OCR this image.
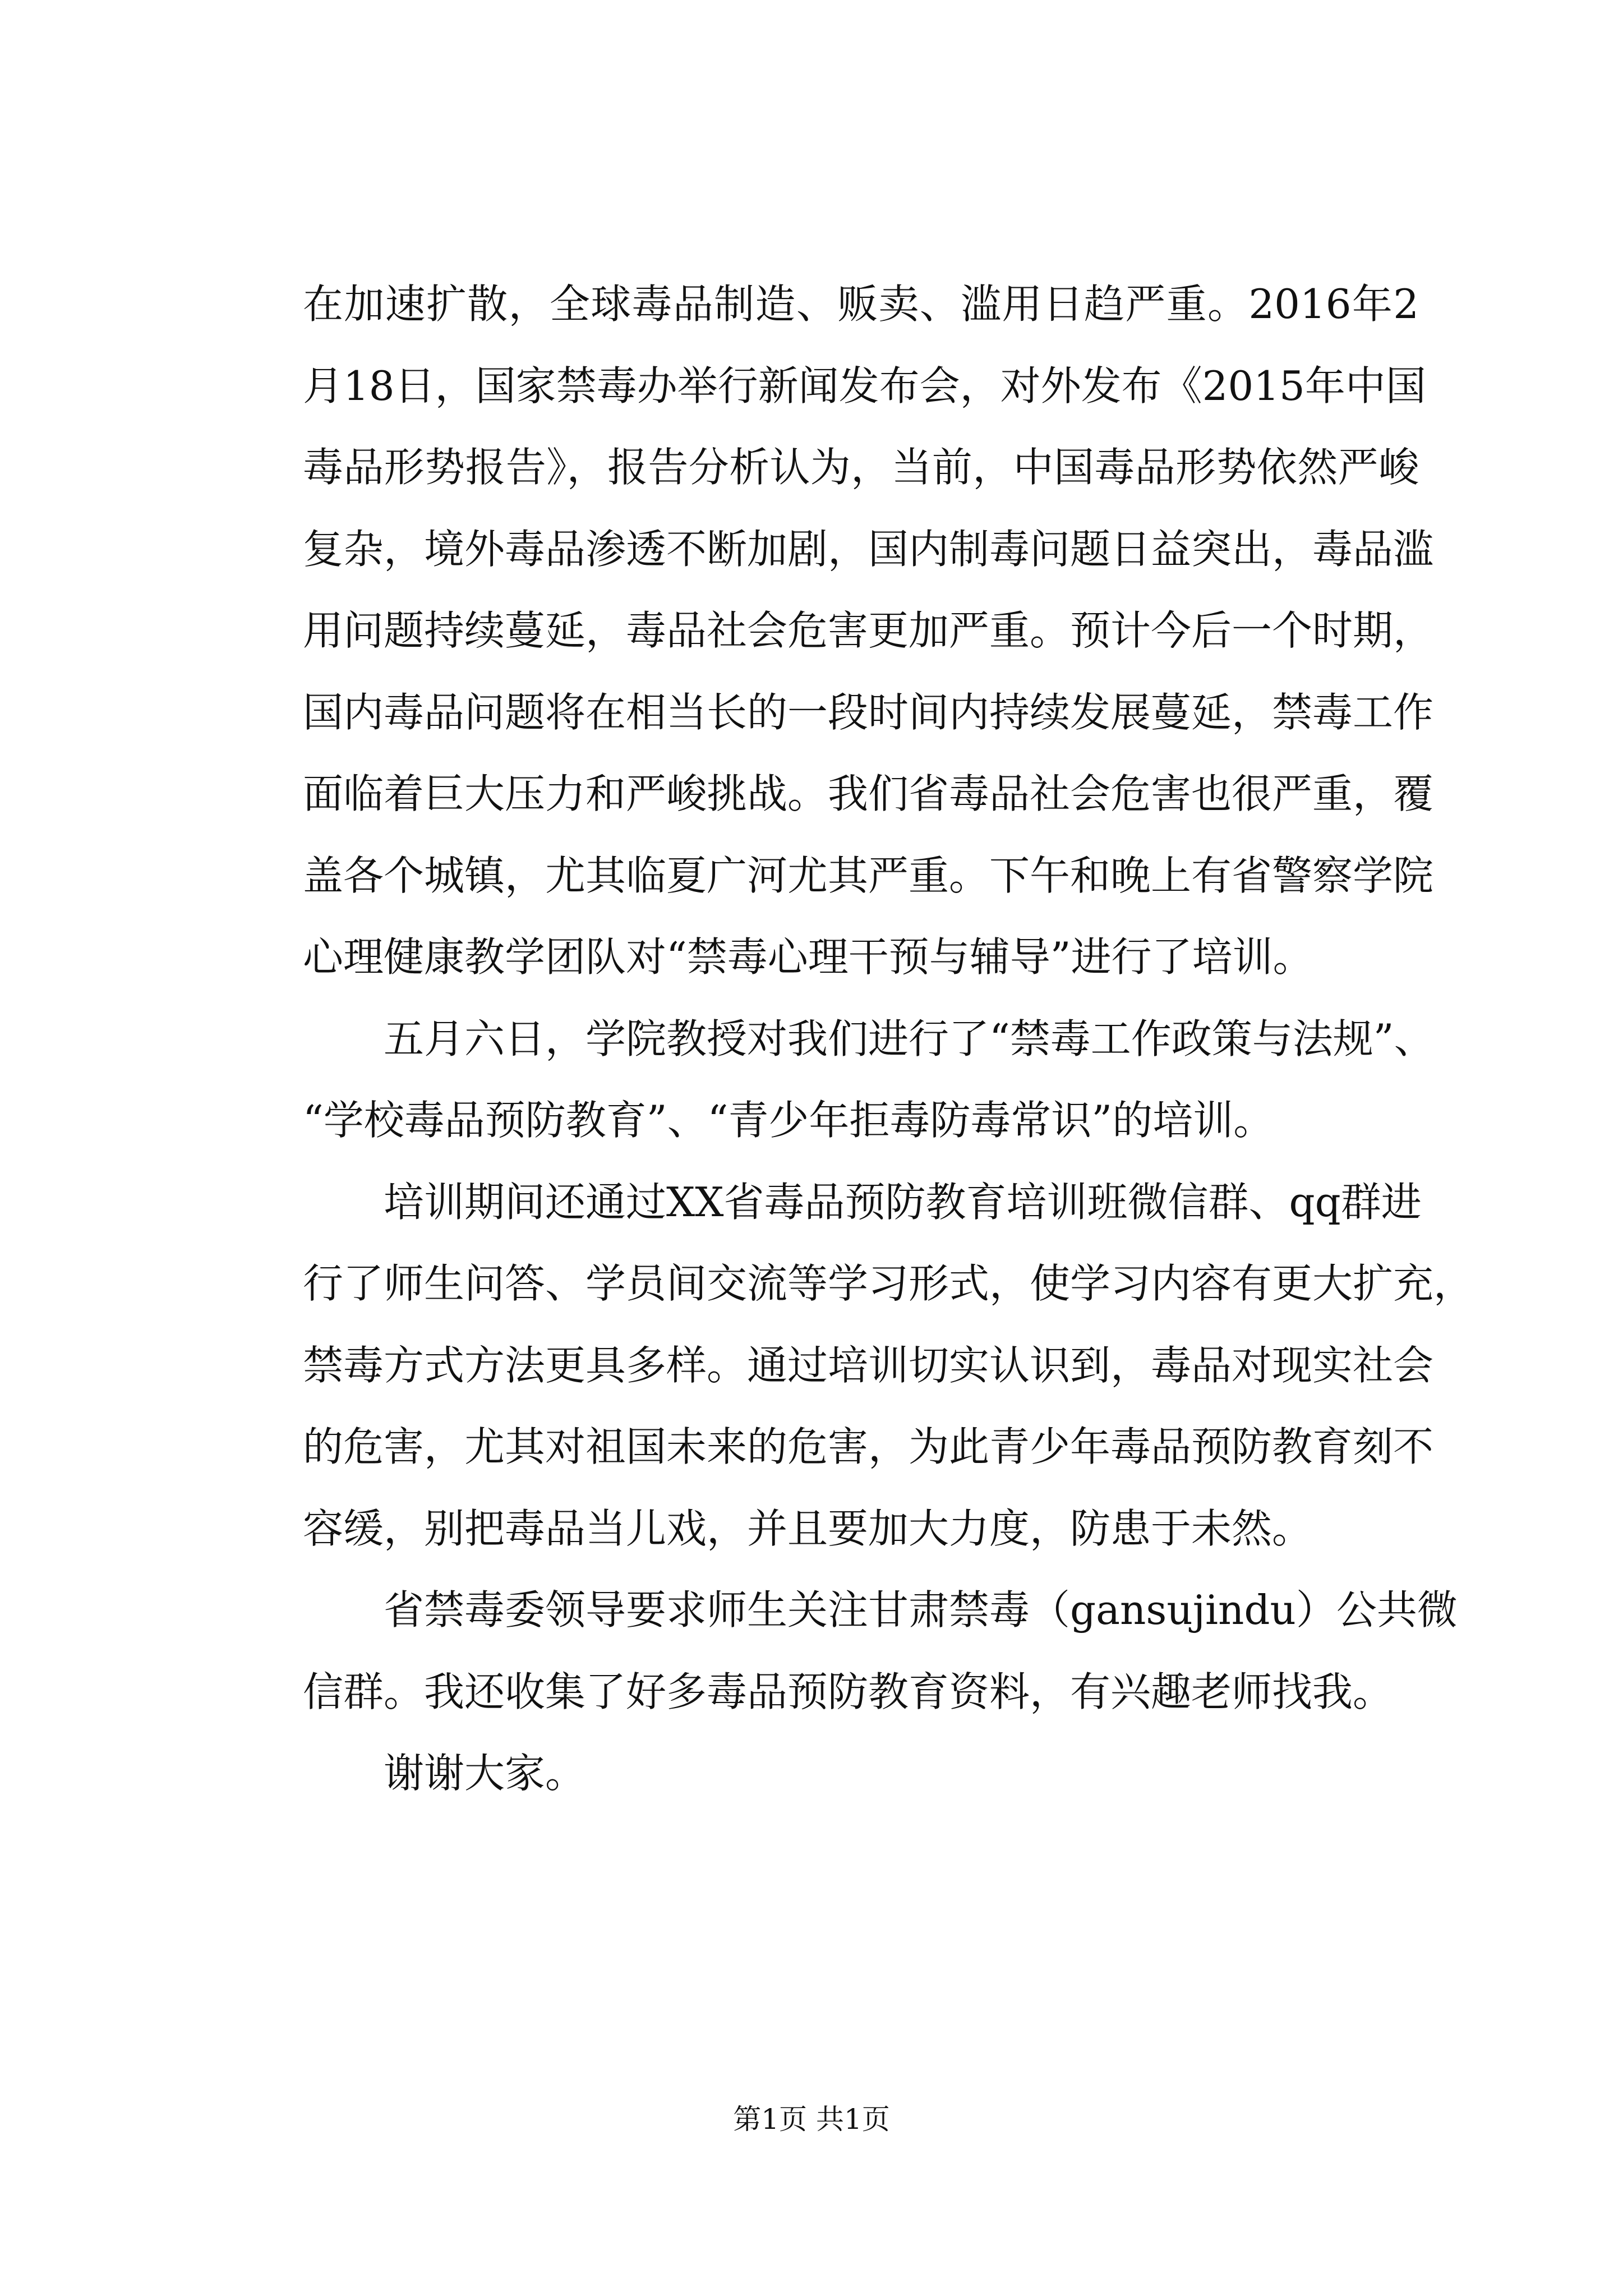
在加速扩散，全球毒品制造、贩卖、滥用日趋严重。2016年2
月18日，国家禁毒办举行新闻发布会，对外发布《2015年中国
毒品形势报告》，报告分析认为，当前，中国毒品形势依然严峻
复杂，境外毒品渗透不断加剧，国内制毒问题日益突出，毒品滥
用问题持续蔓延，毒品社会危害更加严重。预计今后一个时期，
国内毒品问题将在相当长的一段时间内持续发展蔓延，禁毒工作
面临着巨大压力和严峻挑战。我们省毒品社会危害也很严重，覆
盖各个城镇，尤其临夏广河尤其严重。下午和晚上有省警察学院
心理健康教学团队对“禁毒心理干预与辅导”进行了培训。
五月六日，学院教授对我们进行了“禁毒工作政策与法规”、
“学校毒品预防教育”、“青少年拒毒防毒常识”的培训。
培训期间还通过XX省毒品预防教育培训班微信群、qq群进
行了师生问答、学员间交流等学习形式，使学习内容有更大扩充，
禁毒方式方法更具多样。通过培训切实认识到，毒品对现实社会
的危害，尤其对祖国未来的危害，为此青少年毒品预防教育刻不
容缓，别把毒品当儿戏，并且要加大力度，防患于未然。
省禁毒委领导要求师生关注甘肃禁毒（gansujindu）公共微
信群。我还收集了好多毒品预防教育资料，有兴趣老师找我。
谢谢大家。
第1页 共1页
